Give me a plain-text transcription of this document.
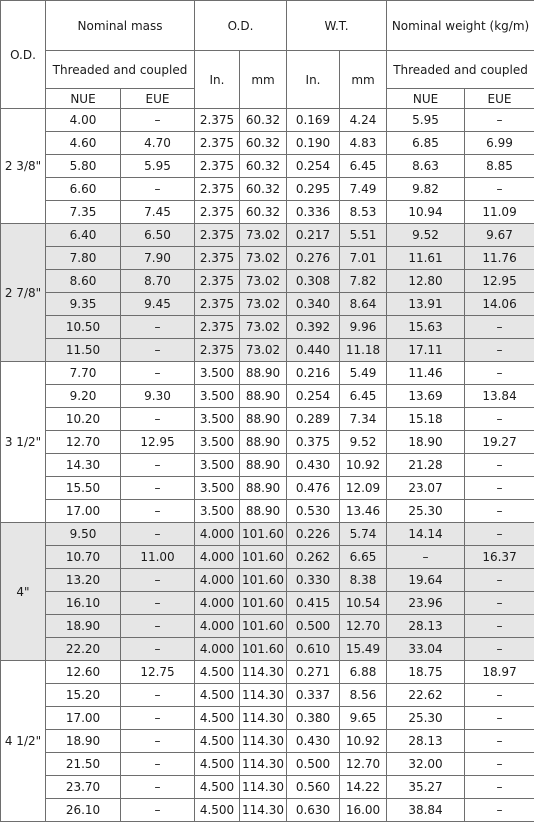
O.D.	Nominal mass		O.D.		W.T.		Nominal weight (kg/m)	
	Threaded and coupled		In.	mm	In.	mm	Threaded and coupled	
	NUE	EUE					NUE	EUE
2 3/8"	4.00	–	2.375	60.32	0.169	4.24	5.95	–
	4.60	4.70	2.375	60.32	0.190	4.83	6.85	6.99
	5.80	5.95	2.375	60.32	0.254	6.45	8.63	8.85
	6.60	–	2.375	60.32	0.295	7.49	9.82	–
	7.35	7.45	2.375	60.32	0.336	8.53	10.94	11.09
2 7/8"	6.40	6.50	2.375	73.02	0.217	5.51	9.52	9.67
	7.80	7.90	2.375	73.02	0.276	7.01	11.61	11.76
	8.60	8.70	2.375	73.02	0.308	7.82	12.80	12.95
	9.35	9.45	2.375	73.02	0.340	8.64	13.91	14.06
	10.50	–	2.375	73.02	0.392	9.96	15.63	–
	11.50	–	2.375	73.02	0.440	11.18	17.11	–
3 1/2"	7.70	–	3.500	88.90	0.216	5.49	11.46	–
	9.20	9.30	3.500	88.90	0.254	6.45	13.69	13.84
	10.20	–	3.500	88.90	0.289	7.34	15.18	–
	12.70	12.95	3.500	88.90	0.375	9.52	18.90	19.27
	14.30	–	3.500	88.90	0.430	10.92	21.28	–
	15.50	–	3.500	88.90	0.476	12.09	23.07	–
	17.00	–	3.500	88.90	0.530	13.46	25.30	–
4"	9.50	–	4.000	101.60	0.226	5.74	14.14	–
	10.70	11.00	4.000	101.60	0.262	6.65	–	16.37
	13.20	–	4.000	101.60	0.330	8.38	19.64	–
	16.10	–	4.000	101.60	0.415	10.54	23.96	–
	18.90	–	4.000	101.60	0.500	12.70	28.13	–
	22.20	–	4.000	101.60	0.610	15.49	33.04	–
4 1/2"	12.60	12.75	4.500	114.30	0.271	6.88	18.75	18.97
	15.20	–	4.500	114.30	0.337	8.56	22.62	–
	17.00	–	4.500	114.30	0.380	9.65	25.30	–
	18.90	–	4.500	114.30	0.430	10.92	28.13	–
	21.50	–	4.500	114.30	0.500	12.70	32.00	–
	23.70	–	4.500	114.30	0.560	14.22	35.27	–
	26.10	–	4.500	114.30	0.630	16.00	38.84	–
